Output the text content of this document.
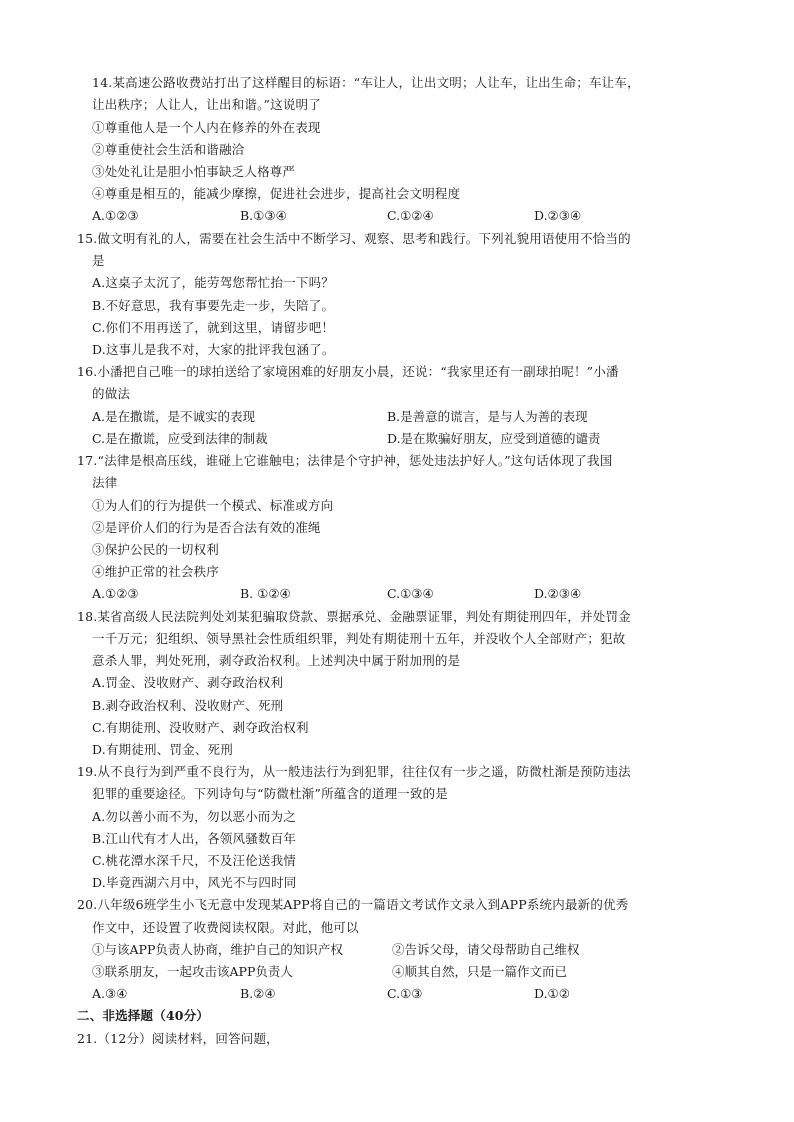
14.某高速公路收费站打出了这样醒目的标语：“车让人，让出文明；人让车，让出生命；车让车，
让出秩序；人让人，让出和谐。”这说明了
①尊重他人是一个人内在修养的外在表现
②尊重使社会生活和谐融洽
③处处礼让是胆小怕事缺乏人格尊严
④尊重是相互的，能减少摩擦，促进社会进步，提高社会文明程度
A.①②③	B.①③④	C.①②④	D.②③④
15.做文明有礼的人，需要在社会生活中不断学习、观察、思考和践行。下列礼貌用语使用不恰当的
是
A.这桌子太沉了，能劳驾您帮忙抬一下吗？
B.不好意思，我有事要先走一步，失陪了。
C.你们不用再送了，就到这里，请留步吧！
D.这事儿是我不对，大家的批评我包涵了。
16.小潘把自己唯一的球拍送给了家境困难的好朋友小晨，还说：“我家里还有一副球拍呢！”小潘
的做法
A.是在撒谎，是不诚实的表现	B.是善意的谎言，是与人为善的表现
C.是在撒谎，应受到法律的制裁	D.是在欺骗好朋友，应受到道德的谴责
17.“法律是根高压线，谁碰上它谁触电；法律是个守护神，惩处违法护好人。”这句话体现了我国
法律
①为人们的行为提供一个模式、标准或方向
②是评价人们的行为是否合法有效的准绳
③保护公民的一切权利
④维护正常的社会秩序
A.①②③	B. ①②④	C.①③④	D.②③④
18.某省高级人民法院判处刘某犯骗取贷款、票据承兑、金融票证罪，判处有期徒刑四年，并处罚金
一千万元；犯组织、领导黑社会性质组织罪，判处有期徒刑十五年，并没收个人全部财产；犯故
意杀人罪，判处死刑，剥夺政治权利。上述判决中属于附加刑的是
A.罚金、没收财产、剥夺政治权利
B.剥夺政治权利、没收财产、死刑
C.有期徒刑、没收财产、剥夺政治权利
D.有期徒刑、罚金、死刑
19.从不良行为到严重不良行为，从一般违法行为到犯罪，往往仅有一步之遥，防微杜渐是预防违法
犯罪的重要途径。下列诗句与“防微杜渐”所蕴含的道理一致的是
A.勿以善小而不为，勿以恶小而为之
B.江山代有才人出，各领风骚数百年
C.桃花潭水深千尺，不及汪伦送我情
D.毕竟西湖六月中，风光不与四时同
20.八年级6班学生小飞无意中发现某APP将自己的一篇语文考试作文录入到APP系统内最新的优秀
作文中，还设置了收费阅读权限。对此，他可以
①与该APP负责人协商，维护自己的知识产权	②告诉父母，请父母帮助自己维权
③联系朋友，一起攻击该APP负责人	④顺其自然，只是一篇作文而已
A.③④	B.②④	C.①③	D.①②
二、非选择题（40分）
21.（12分）阅读材料，回答问题，
